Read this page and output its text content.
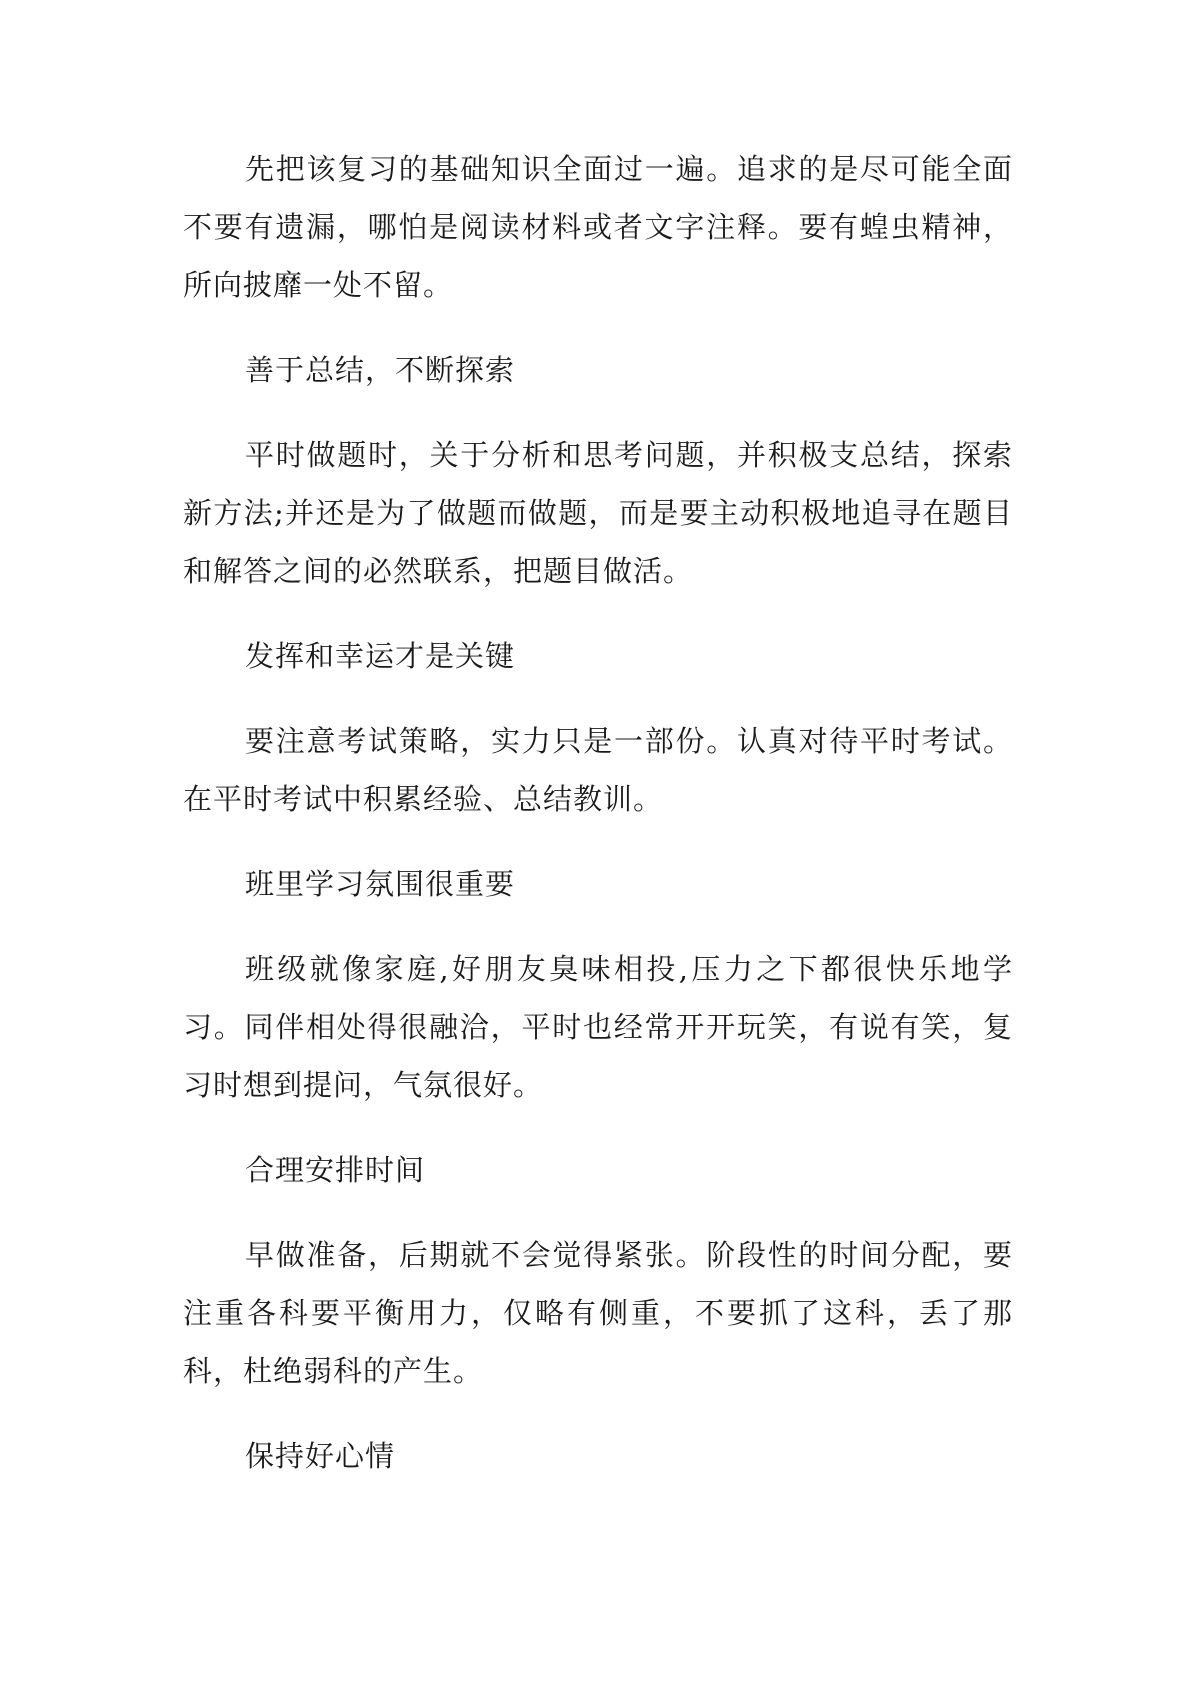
先把该复习的基础知识全面过一遍。追求的是尽可能全面不要有遗漏，哪怕是阅读材料或者文字注释。要有蝗虫精神，所向披靡一处不留。

善于总结，不断探索

平时做题时，关于分析和思考问题，并积极支总结，探索新方法;并还是为了做题而做题，而是要主动积极地追寻在题目和解答之间的必然联系，把题目做活。

发挥和幸运才是关键

要注意考试策略，实力只是一部份。认真对待平时考试。在平时考试中积累经验、总结教训。

班里学习氛围很重要

班级就像家庭,好朋友臭味相投,压力之下都很快乐地学习。同伴相处得很融洽，平时也经常开开玩笑，有说有笑，复习时想到提问，气氛很好。

合理安排时间

早做准备，后期就不会觉得紧张。阶段性的时间分配，要注重各科要平衡用力，仅略有侧重，不要抓了这科，丢了那科，杜绝弱科的产生。

保持好心情
